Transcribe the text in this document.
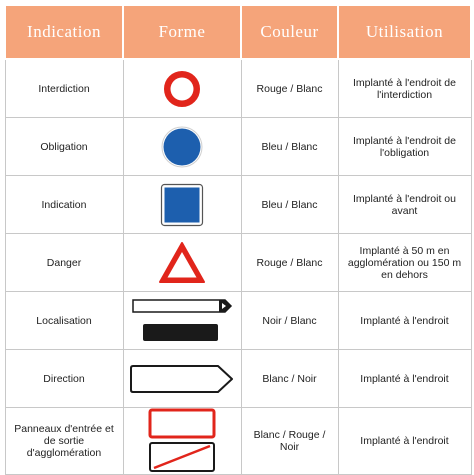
Indication	Forme	Couleur	Utilisation
Interdiction		Rouge / Blanc	Implanté à l'endroit de l'interdiction
Obligation		Bleu / Blanc	Implanté à l'endroit de l'obligation
Indication		Bleu / Blanc	Implanté à l'endroit ou avant
Danger		Rouge / Blanc	Implanté à 50 m en agglomération ou 150 m en dehors
Localisation		Noir / Blanc	Implanté à l'endroit
Direction		Blanc / Noir	Implanté à l'endroit
Panneaux d'entrée et de sortie d'agglomération		Blanc / Rouge / Noir	Implanté à l'endroit
